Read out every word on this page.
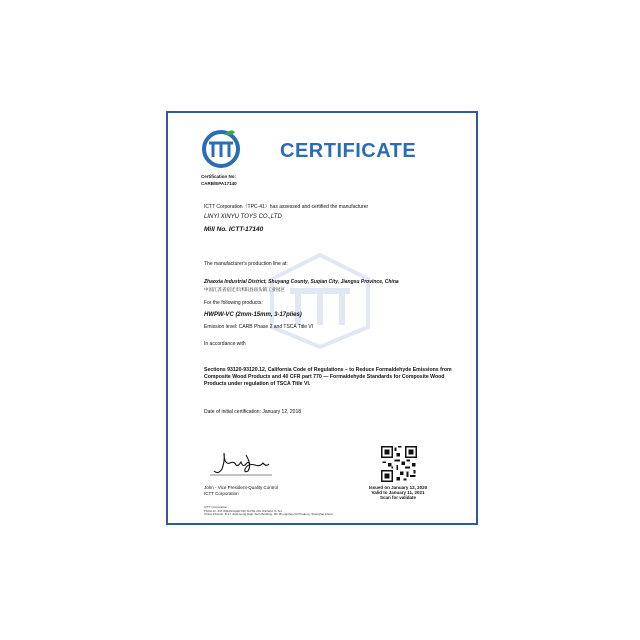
CERTIFICATE
Certification No:
CARB/EPA17140
ICTT Corporation（TPC-41）has assessed and certified the manufacturer
LINYI XINYU TOYS CO.,LTD
Mill No. ICTT-17140
The manufacturer's production line at:
Zhaoxia Industrial District, Shuyang County, Suqian City, Jiangsu Province, China
中国江苏省宿迁市沭阳县庙头镇工业园区
For the following products:
HWPW-VC (2mm-15mm, 3-17plies)
Emission level: CARB Phase 2 and TSCA Title VI
In accordance with
Sections 93120-93120.12, California Code of Regulations – to Reduce Formaldehyde Emissions from Composite Wood Products and 40 CFR part 770 — Formaldehyde Standards for Composite Wood Products under regulation of TSCA Title VI.
Date of initial certification: January 12, 2018
John - Vice President-Quality Control
ICTT Corporation
Issued on January 12, 2020
Valid to January 11, 2021
Scan for validate
ICTT Corporation
TSCA ID: 447 WRANGLER DR SUITE 210 Winfield, IL Tel:
China Division: B-17 Jiaxinsong High-Tech Building, 9th Zhongshan Rd Pudong, Shanghai China
